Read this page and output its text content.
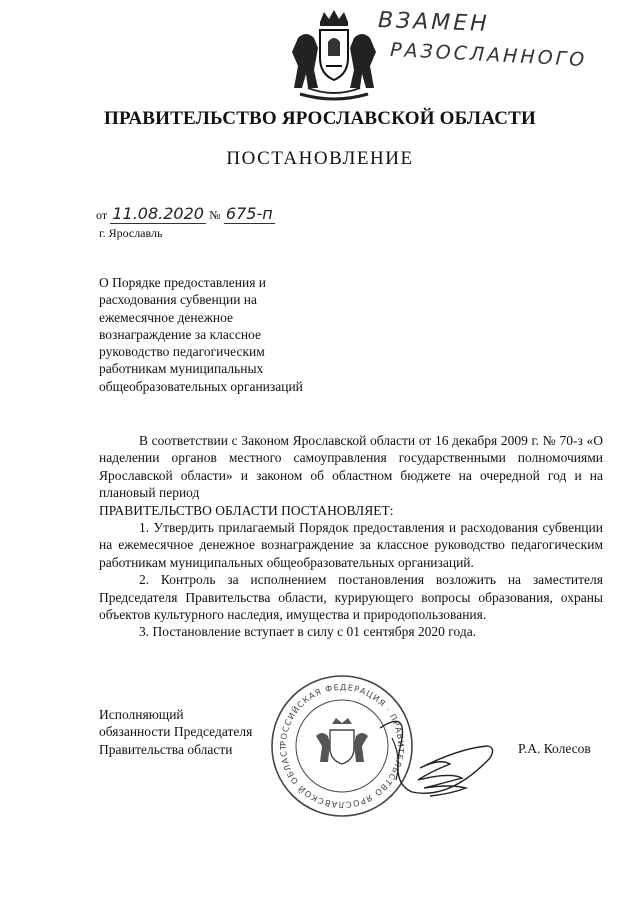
ВЗАМЕН
РАЗОСЛАННОГО
ПРАВИТЕЛЬСТВО ЯРОСЛАВСКОЙ ОБЛАСТИ
ПОСТАНОВЛЕНИЕ
от 11.08.2020 № 675-п
г. Ярославль
О Порядке предоставления и
расходования субвенции на
ежемесячное денежное
вознаграждение за классное
руководство педагогическим
работникам муниципальных
общеобразовательных организаций

В соответствии с Законом Ярославской области от 16 декабря 2009 г. № 70-з «О наделении органов местного самоуправления государственными полномочиями Ярославской области» и законом об областном бюджете на очередной год и на плановый период

ПРАВИТЕЛЬСТВО ОБЛАСТИ ПОСТАНОВЛЯЕТ:

1. Утвердить прилагаемый Порядок предоставления и расходования субвенции на ежемесячное денежное вознаграждение за классное руководство педагогическим работникам муниципальных общеобразовательных организаций.

2. Контроль за исполнением постановления возложить на заместителя Председателя Правительства области, курирующего вопросы образования, охраны объектов культурного наследия, имущества и природопользования.

3. Постановление вступает в силу с 01 сентября 2020 года.

РОССИЙСКАЯ ФЕДЕРАЦИЯ · ПРАВИТЕЛЬСТВО ЯРОСЛАВСКОЙ ОБЛАСТ
Исполняющий
обязанности Председателя
Правительства области	Р.А. Колесов
